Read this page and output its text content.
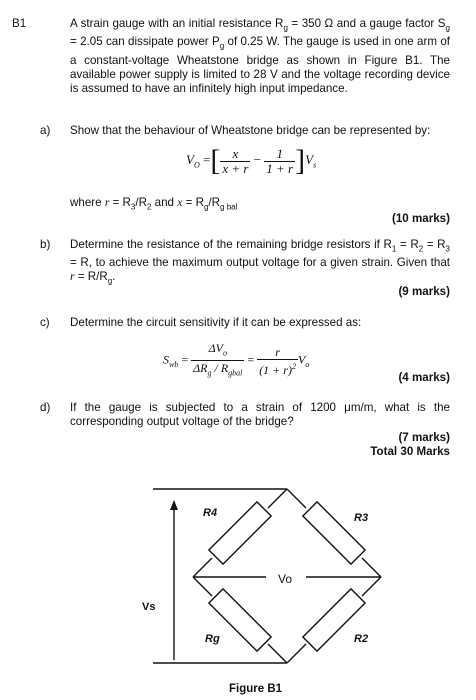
B1	A strain gauge with an initial resistance $R_g = 350$ Ω and a gauge factor $S_g = 2.05$ can dissipate power $P_g$ of 0.25 W. The gauge is used in one arm of a constant-voltage Wheatstone bridge as shown in Figure B1. The available power supply is limited to 28 V and the voltage recording device is assumed to have an infinitely high input impedance.
a) Show that the behaviour of Wheatstone bridge can be represented by:
$V_O$ =[ $\frac{x}{x + r} - \frac{1}{1 + r} ]V_s$
where $r = R_3/R_2$ and $x = R_g/R_{g bal}$
(10 marks)
b) Determine the resistance of the remaining bridge resistors if $R_1 = R_2 = R_3 = R$, to achieve the maximum output voltage for a given strain. Given that $r = R/R_g$.
(9 marks)
c) Determine the circuit sensitivity if it can be expressed as:
$S_{wb} = \frac{\Delta V_o}{\Delta R_g / R_{gbal}} = \frac{r}{(1 + r)^2} V_o$
(4 marks)
d) If the gauge is subjected to a strain of 1200 μm/m, what is the corresponding output voltage of the bridge?
(7 marks)
Total 30 Marks
R4	R3
Rg	R2
Vo
Vs
Figure B1
